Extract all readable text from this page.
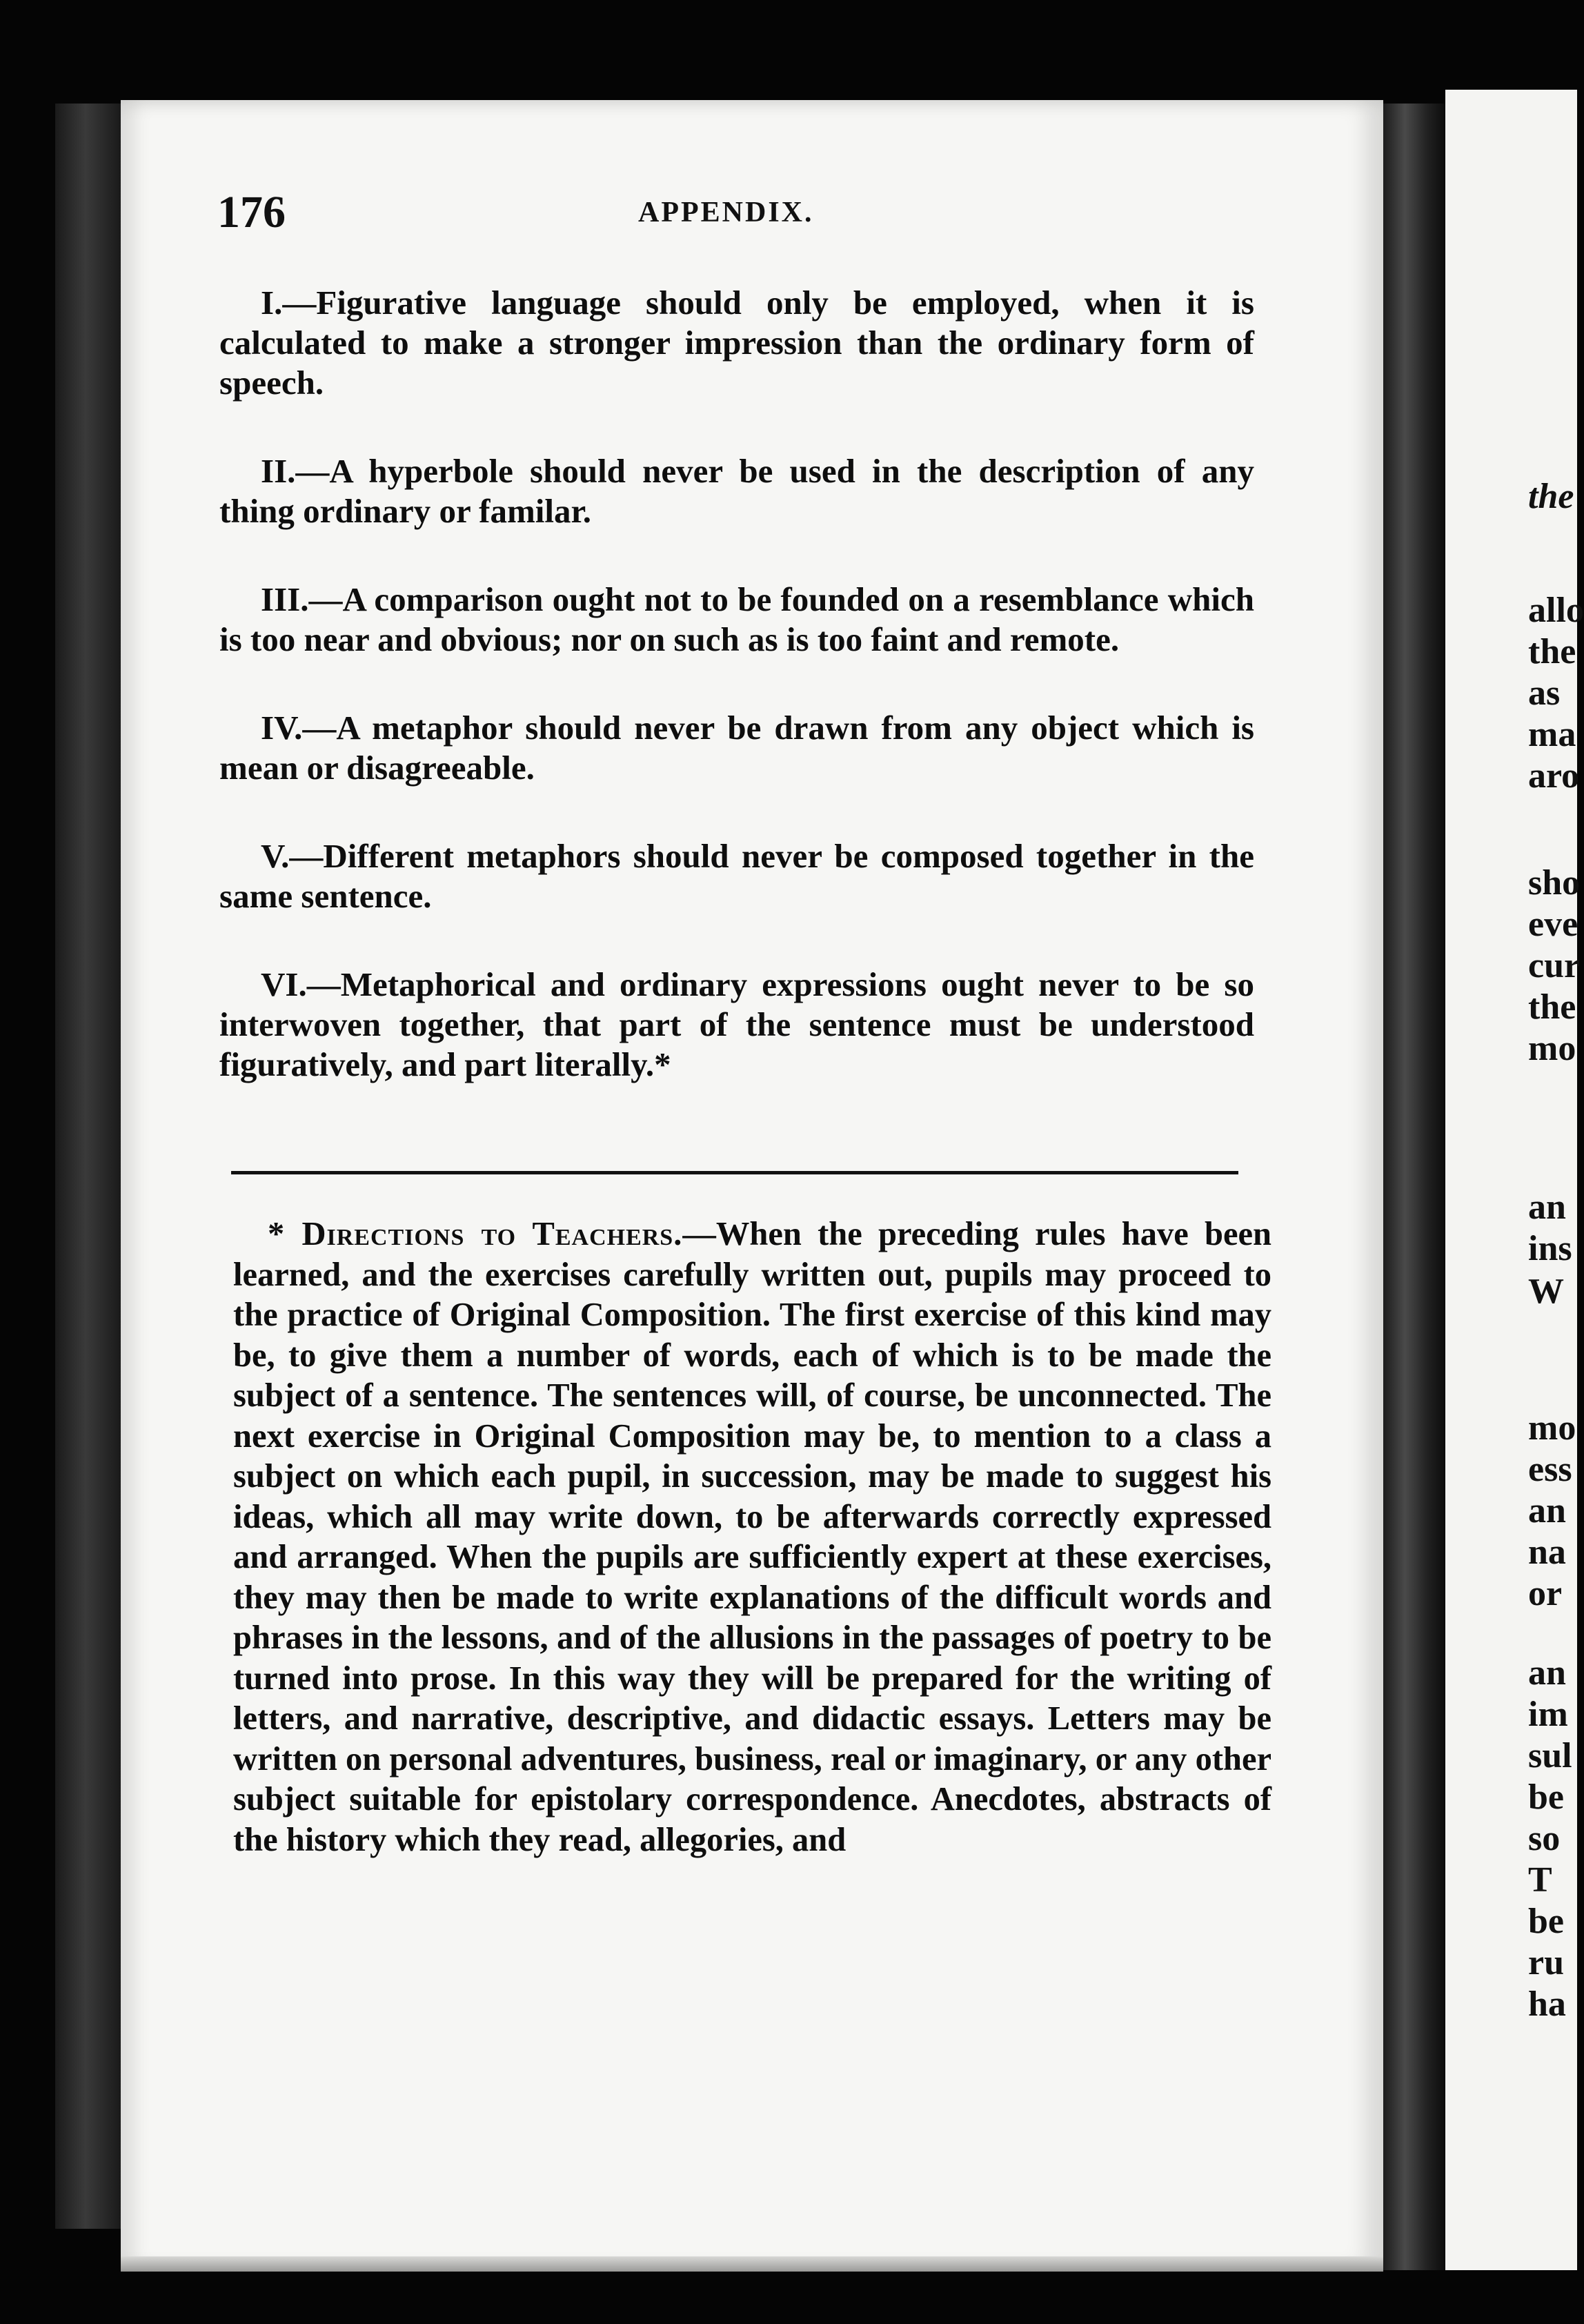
176	APPENDIX.

I.—Figurative language should only be employed, when it is calculated to make a stronger impression than the ordinary form of speech.

II.—A hyperbole should never be used in the description of any thing ordinary or familar.

III.—A comparison ought not to be founded on a resemblance which is too near and obvious; nor on such as is too faint and remote.

IV.—A metaphor should never be drawn from any object which is mean or disagreeable.

V.—Different metaphors should never be composed together in the same sentence.

VI.—Metaphorical and ordinary expressions ought never to be so interwoven together, that part of the sentence must be understood figuratively, and part literally.*

* Directions to Teachers.—When the preceding rules have been learned, and the exercises carefully written out, pupils may proceed to the practice of Original Composition. The first exercise of this kind may be, to give them a number of words, each of which is to be made the subject of a sentence. The sentences will, of course, be unconnected. The next exercise in Original Composition may be, to mention to a class a subject on which each pupil, in succession, may be made to suggest his ideas, which all may write down, to be afterwards correctly expressed and arranged. When the pupils are sufficiently expert at these exercises, they may then be made to write explanations of the difficult words and phrases in the lessons, and of the allusions in the passages of poetry to be turned into prose. In this way they will be prepared for the writing of letters, and narrative, descriptive, and didactic essays. Letters may be written on personal adventures, business, real or imaginary, or any other subject suitable for epistolary correspondence. Anecdotes, abstracts of the history which they read, allegories, and
the
allo
the
as
ma
aro
sho
eve
cur
the
mo
an
ins
W
mo
ess
an
na
or
an
im
sul
be
so
T
be
ru
ha
